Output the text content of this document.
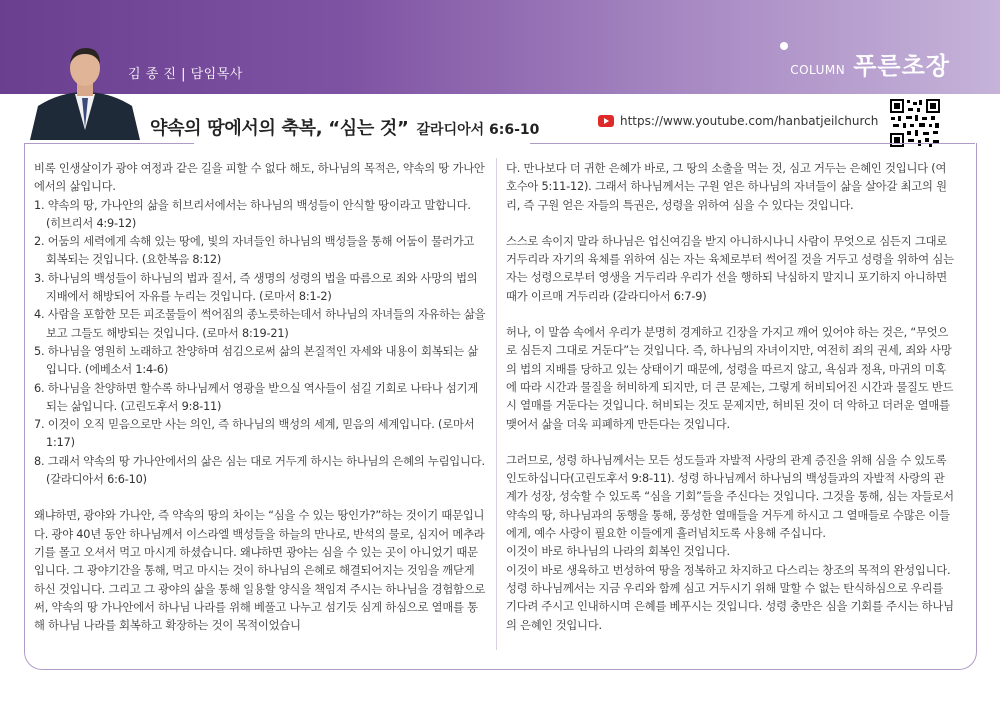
김 종 진 | 담임목사	COLUMN 푸른초장
약속의 땅에서의 축복, “심는 것” 갈라디아서 6:6-10
https://www.youtube.com/hanbatjeilchurch

비록 인생살이가 광야 여정과 같은 길을 피할 수 없다 해도, 하나님의 목적은, 약속의 땅 가나안에서의 삶입니다.

1. 약속의 땅, 가나안의 삶을 히브리서에서는 하나님의 백성들이 안식할 땅이라고 말합니다. (히브리서 4:9-12)

2. 어둠의 세력에게 속해 있는 땅에, 빛의 자녀들인 하나님의 백성들을 통해 어둠이 물러가고 회복되는 것입니다. (요한복음 8:12)

3. 하나님의 백성들이 하나님의 법과 질서, 즉 생명의 성령의 법을 따름으로 죄와 사망의 법의 지배에서 해방되어 자유를 누리는 것입니다. (로마서 8:1-2)

4. 사람을 포함한 모든 피조물들이 썩어짐의 종노릇하는데서 하나님의 자녀들의 자유하는 삶을 보고 그들도 해방되는 것입니다. (로마서 8:19-21)

5. 하나님을 영원히 노래하고 찬양하며 섬김으로써 삶의 본질적인 자세와 내용이 회복되는 삶입니다. (에베소서 1:4-6)

6. 하나님을 찬양하면 할수록 하나님께서 영광을 받으실 역사들이 섬길 기회로 나타나 섬기게 되는 삶입니다. (고린도후서 9:8-11)

7. 이것이 오직 믿음으로만 사는 의인, 즉 하나님의 백성의 세계, 믿음의 세계입니다. (로마서 1:17)

8. 그래서 약속의 땅 가나안에서의 삶은 심는 대로 거두게 하시는 하나님의 은혜의 누림입니다. (갈라디아서 6:6-10)

왜냐하면, 광야와 가나안, 즉 약속의 땅의 차이는 “심을 수 있는 땅인가?”하는 것이기 때문입니다. 광야 40년 동안 하나님께서 이스라엘 백성들을 하늘의 만나로, 반석의 물로, 심지어 메추라기를 몰고 오셔서 먹고 마시게 하셨습니다. 왜냐하면 광야는 심을 수 있는 곳이 아니었기 때문입니다. 그 광야기간을 통해, 먹고 마시는 것이 하나님의 은혜로 해결되어지는 것임을 깨닫게 하신 것입니다. 그리고 그 광야의 삶을 통해 일용할 양식을 책임져 주시는 하나님을 경험함으로써, 약속의 땅 가나안에서 하나님 나라를 위해 베풀고 나누고 섬기듯 심게 하심으로 열매를 통해 하나님 나라를 회복하고 확장하는 것이 목적이었습니

다. 만나보다 더 귀한 은혜가 바로, 그 땅의 소출을 먹는 것, 심고 거두는 은혜인 것입니다 (여호수아 5:11-12). 그래서 하나님께서는 구원 얻은 하나님의 자녀들이 삶을 살아갈 최고의 원리, 즉 구원 얻은 자들의 특권은, 성령을 위하여 심을 수 있다는 것입니다.

스스로 속이지 말라 하나님은 업신여김을 받지 아니하시나니 사람이 무엇으로 심든지 그대로 거두리라 자기의 육체를 위하여 심는 자는 육체로부터 썩어질 것을 거두고 성령을 위하여 심는 자는 성령으로부터 영생을 거두리라 우리가 선을 행하되 낙심하지 말지니 포기하지 아니하면 때가 이르매 거두리라 (갈라디아서 6:7-9)

허나, 이 말씀 속에서 우리가 분명히 경계하고 긴장을 가지고 깨어 있어야 하는 것은, “무엇으로 심든지 그대로 거둔다”는 것입니다. 즉, 하나님의 자녀이지만, 여전히 죄의 권세, 죄와 사망의 법의 지배를 당하고 있는 상태이기 때문에, 성령을 따르지 않고, 욕심과 정욕, 마귀의 미혹에 따라 시간과 물질을 허비하게 되지만, 더 큰 문제는, 그렇게 허비되어진 시간과 물질도 반드시 열매를 거둔다는 것입니다. 허비되는 것도 문제지만, 허비된 것이 더 악하고 더러운 열매를 맺어서 삶을 더욱 피폐하게 만든다는 것입니다.

그러므로, 성령 하나님께서는 모든 성도들과 자발적 사랑의 관계 증진을 위해 심을 수 있도록 인도하십니다(고린도후서 9:8-11). 성령 하나님께서 하나님의 백성들과의 자발적 사랑의 관계가 성장, 성숙할 수 있도록 “심을 기회”들을 주신다는 것입니다. 그것을 통해, 심는 자들로서 약속의 땅, 하나님과의 동행을 통해, 풍성한 열매들을 거두게 하시고 그 열매들로 수많은 이들에게, 예수 사랑이 필요한 이들에게 흘러넘치도록 사용해 주십니다.

이것이 바로 하나님의 나라의 회복인 것입니다.

이것이 바로 생육하고 번성하여 땅을 정복하고 차지하고 다스리는 창조의 목적의 완성입니다. 성령 하나님께서는 지금 우리와 함께 심고 거두시기 위해 말할 수 없는 탄식하심으로 우리를 기다려 주시고 인내하시며 은혜를 베푸시는 것입니다. 성령 충만은 심을 기회를 주시는 하나님의 은혜인 것입니다.
